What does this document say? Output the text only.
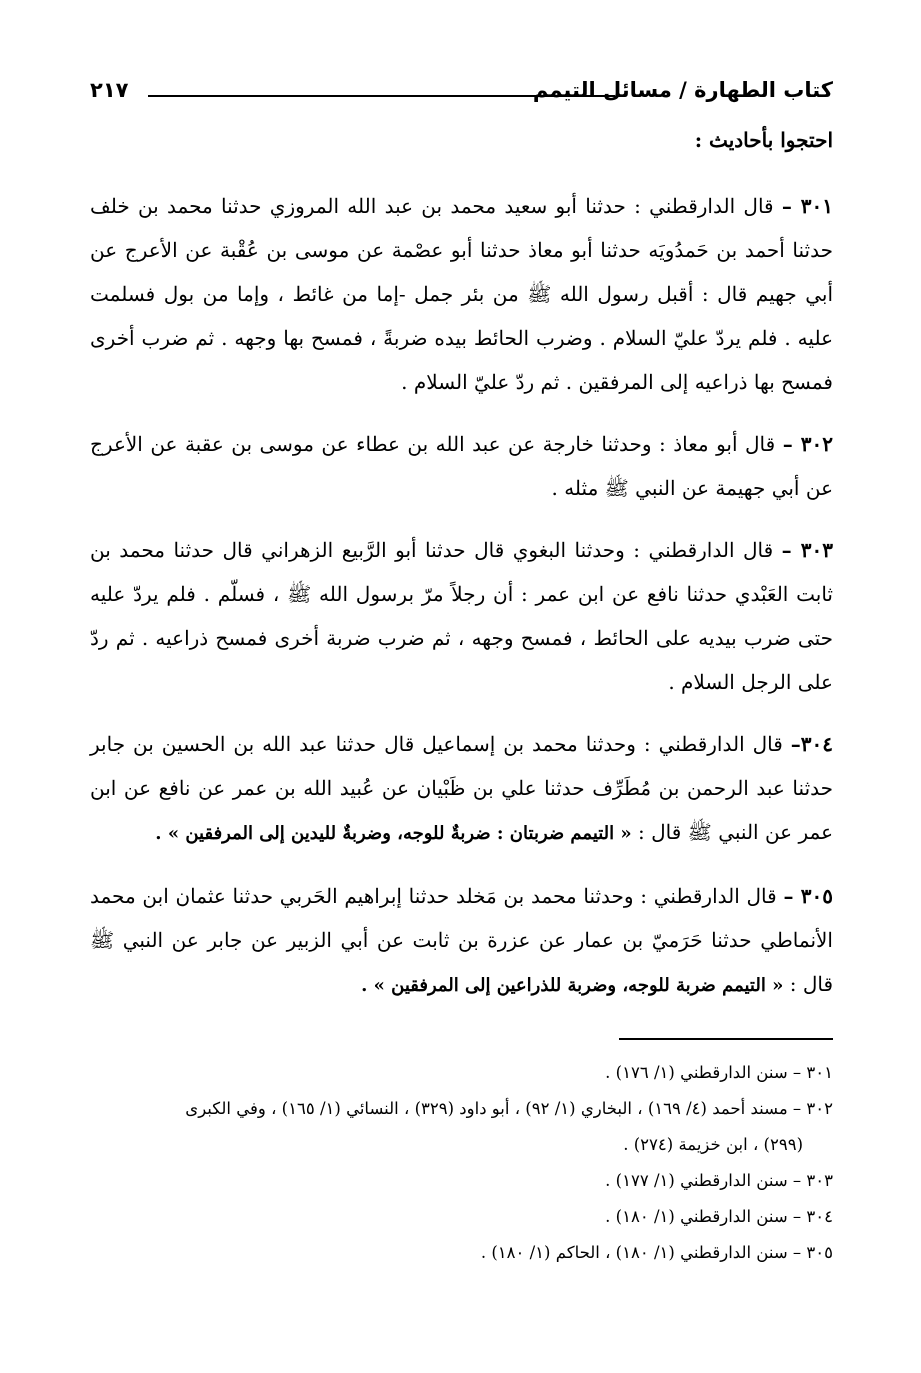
كتاب الطهارة / مسائل التيمم
٢١٧

احتجوا بأحاديث :

٣٠١ – قال الدارقطني : حدثنا أبو سعيد محمد بن عبد الله المروزي حدثنا محمد بن خلف حدثنا أحمد بن حَمدُويَه حدثنا أبو معاذ حدثنا أبو عصْمة عن موسى بن عُقْبة عن الأعرج عن أبي جهيم قال : أقبل رسول الله ﷺ من بئر جمل -إما من غائط ، وإما من بول فسلمت عليه . فلم يردّ عليّ السلام . وضرب الحائط بيده ضربةً ، فمسح بها وجهه . ثم ضرب أخرى فمسح بها ذراعيه إلى المرفقين . ثم ردّ عليّ السلام .

٣٠٢ – قال أبو معاذ : وحدثنا خارجة عن عبد الله بن عطاء عن موسى بن عقبة عن الأعرج عن أبي جهيمة عن النبي ﷺ مثله .

٣٠٣ – قال الدارقطني : وحدثنا البغوي قال حدثنا أبو الرَّبيع الزهراني قال حدثنا محمد بن ثابت العَبْدي حدثنا نافع عن ابن عمر : أن رجلاً مرّ برسول الله ﷺ ، فسلّم . فلم يردّ عليه حتى ضرب بيديه على الحائط ، فمسح وجهه ، ثم ضرب ضربة أخرى فمسح ذراعيه . ثم ردّ على الرجل السلام .

٣٠٤– قال الدارقطني : وحدثنا محمد بن إسماعيل قال حدثنا عبد الله بن الحسين بن جابر حدثنا عبد الرحمن بن مُطَرِّف حدثنا علي بن ظَبْيان عن عُبيد الله بن عمر عن نافع عن ابن عمر عن النبي ﷺ قال : « التيمم ضربتان : ضربةٌ للوجه، وضربةٌ لليدين إلى المرفقين » .

٣٠٥ – قال الدارقطني : وحدثنا محمد بن مَخلد حدثنا إبراهيم الحَربي حدثنا عثمان ابن محمد الأنماطي حدثنا حَرَميّ بن عمار عن عزرة بن ثابت عن أبي الزبير عن جابر عن النبي ﷺ قال : « التيمم ضربة للوجه، وضربة للذراعين إلى المرفقين » .

٣٠١ – سنن الدارقطني (١/ ١٧٦) .

٣٠٢ – مسند أحمد (٤/ ١٦٩) ، البخاري (١/ ٩٢) ، أبو داود (٣٢٩) ، النسائي (١/ ١٦٥) ، وفي الكبرى

(٢٩٩) ، ابن خزيمة (٢٧٤) .

٣٠٣ – سنن الدارقطني (١/ ١٧٧) .

٣٠٤ – سنن الدارقطني (١/ ١٨٠) .

٣٠٥ – سنن الدارقطني (١/ ١٨٠) ، الحاكم (١/ ١٨٠) .
